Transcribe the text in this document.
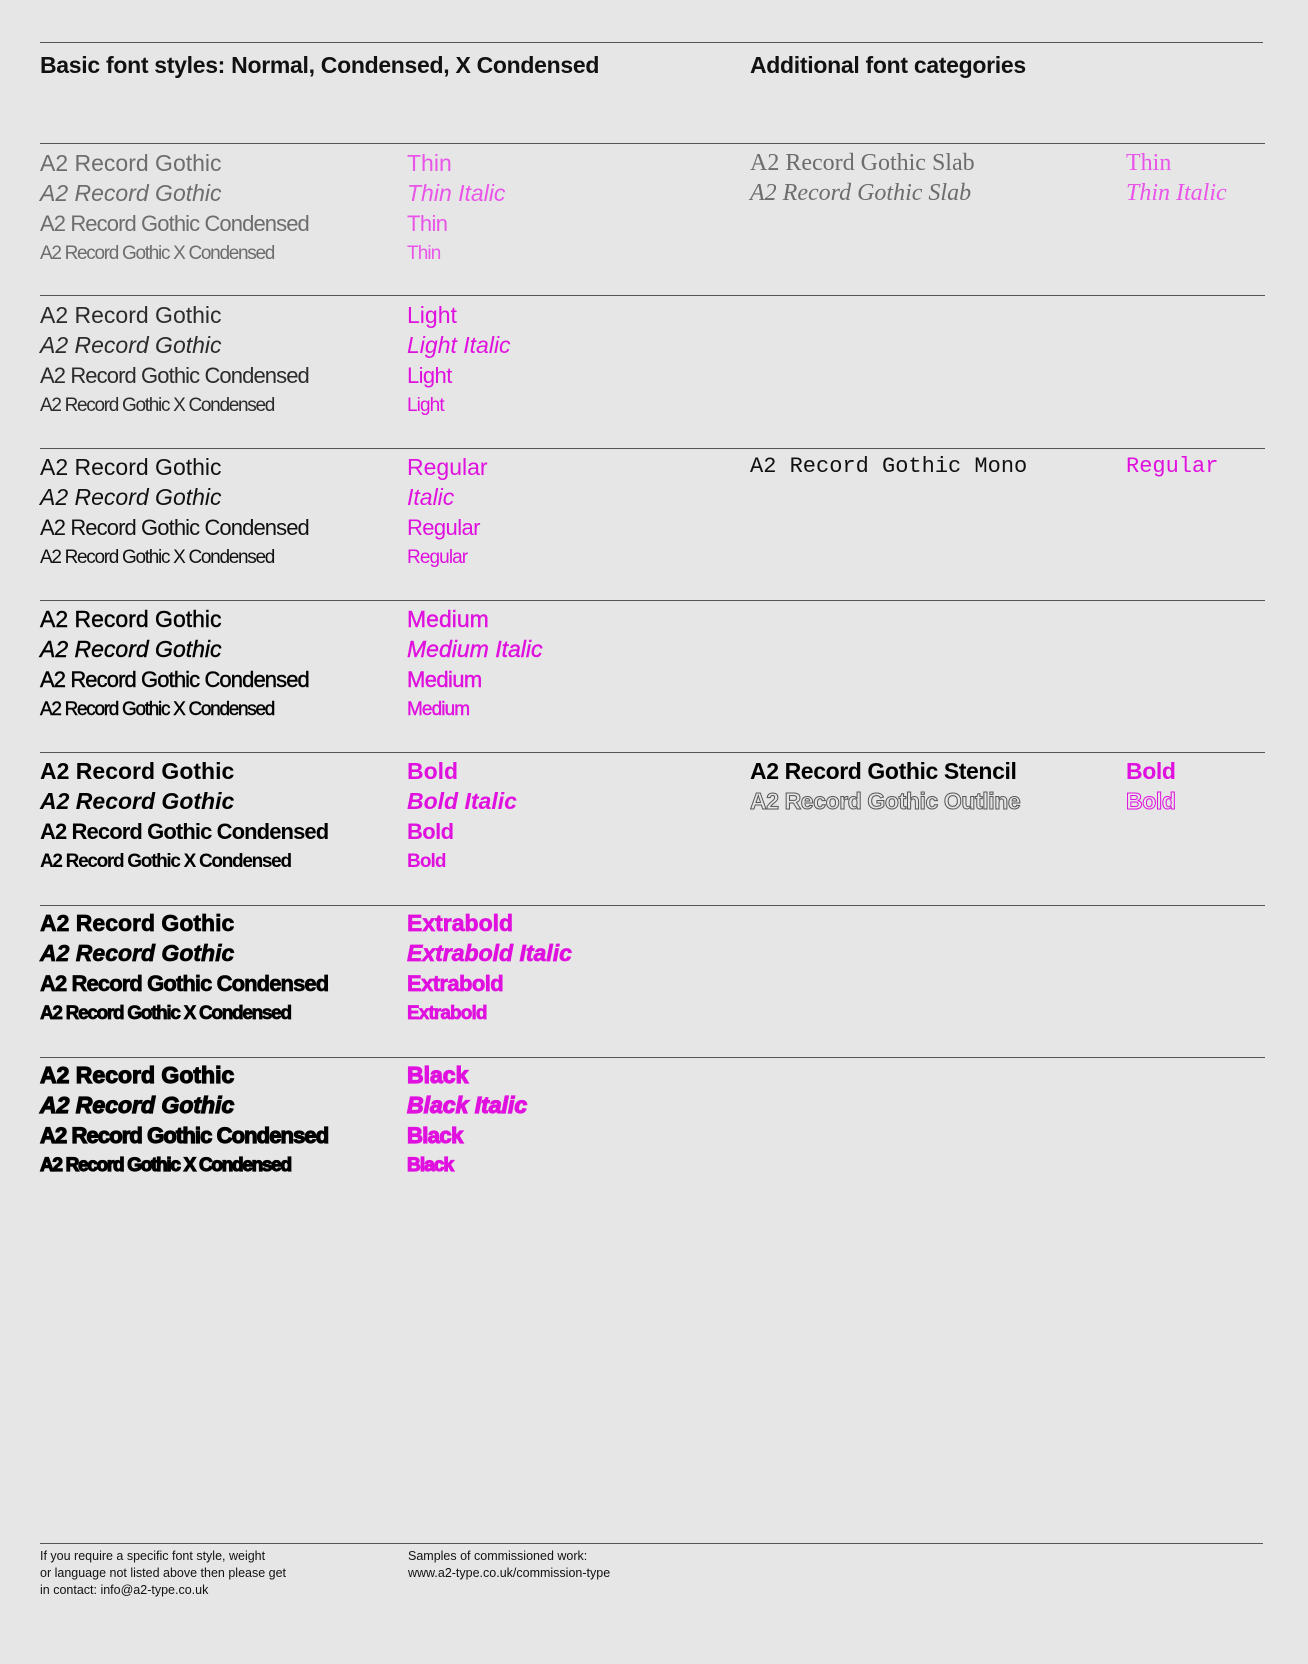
Basic font styles: Normal, Condensed, X Condensed	Additional font categories
A2 Record Gothic	Thin
A2 Record Gothic	Thin Italic
A2 Record Gothic Condensed	Thin
A2 Record Gothic X Condensed	Thin
A2 Record Gothic	Light
A2 Record Gothic	Light Italic
A2 Record Gothic Condensed	Light
A2 Record Gothic X Condensed	Light
A2 Record Gothic	Regular
A2 Record Gothic	Italic
A2 Record Gothic Condensed	Regular
A2 Record Gothic X Condensed	Regular
A2 Record Gothic	Medium
A2 Record Gothic	Medium Italic
A2 Record Gothic Condensed	Medium
A2 Record Gothic X Condensed	Medium
A2 Record Gothic	Bold
A2 Record Gothic	Bold Italic
A2 Record Gothic Condensed	Bold
A2 Record Gothic X Condensed	Bold
A2 Record Gothic	Extrabold
A2 Record Gothic	Extrabold Italic
A2 Record Gothic Condensed	Extrabold
A2 Record Gothic X Condensed	Extrabold
A2 Record Gothic	Black
A2 Record Gothic	Black Italic
A2 Record Gothic Condensed	Black
A2 Record Gothic X Condensed	Black
A2 Record Gothic Slab	Thin
A2 Record Gothic Slab	Thin Italic
A2 Record Gothic Mono	Regular
A2 Record Gothic Stencil	Bold
A2 Record Gothic Outline	Bold

If you require a specific font style, weight
or language not listed above then please get
in contact: info@a2-type.co.uk

Samples of commissioned work:
www.a2-type.co.uk/commission-type
